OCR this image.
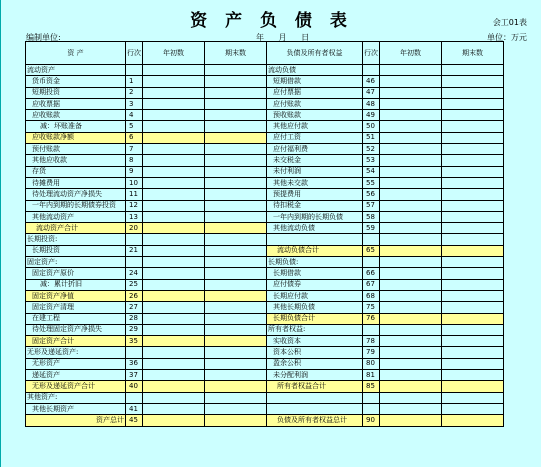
资 产 负 债 表	会工01表
编制单位:	年 月 日	单位：万元
资 产	行次	年初数	期末数	负债及所有者权益	行次	年初数	期末数
流动资产				流动负债			
货币资金	1			短期借款	46		
短期投资	2			应付票据	47		
应收票据	3			应付账款	48		
应收账款	4			预收账款	49		
减：坏账准备	5			其他应付款	50		
应收账款净额	6			应付工资	51		
预付账款	7			应付福利费	52		
其他应收款	8			未交税金	53		
存货	9			未付利润	54		
待摊费用	10			其他未交款	55		
待处理流动资产净损失	11			预提费用	56		
一年内到期的长期债券投资	12			待扣税金	57		
其他流动资产	13			一年内到期的长期负债	58		
流动资产合计	20			其他流动负债	59		
长期投资:							
长期投资	21			流动负债合计	65		
固定资产:				长期负债:			
固定资产原价	24			长期借款	66		
减：累计折旧	25			应付债券	67		
固定资产净值	26			长期应付款	68		
固定资产清理	27			其他长期负债	75		
在建工程	28			长期负债合计	76		
待处理固定资产净损失	29			所有者权益:			
固定资产合计	35			实收资本	78		
无形及递延资产:				资本公积	79		
无形资产	36			盈余公积	80		
递延资产	37			未分配利润	81		
无形及递延资产合计	40			所有者权益合计	85		
其他资产:							
其他长期资产	41						
资产总计	45			负债及所有者权益总计	90		
